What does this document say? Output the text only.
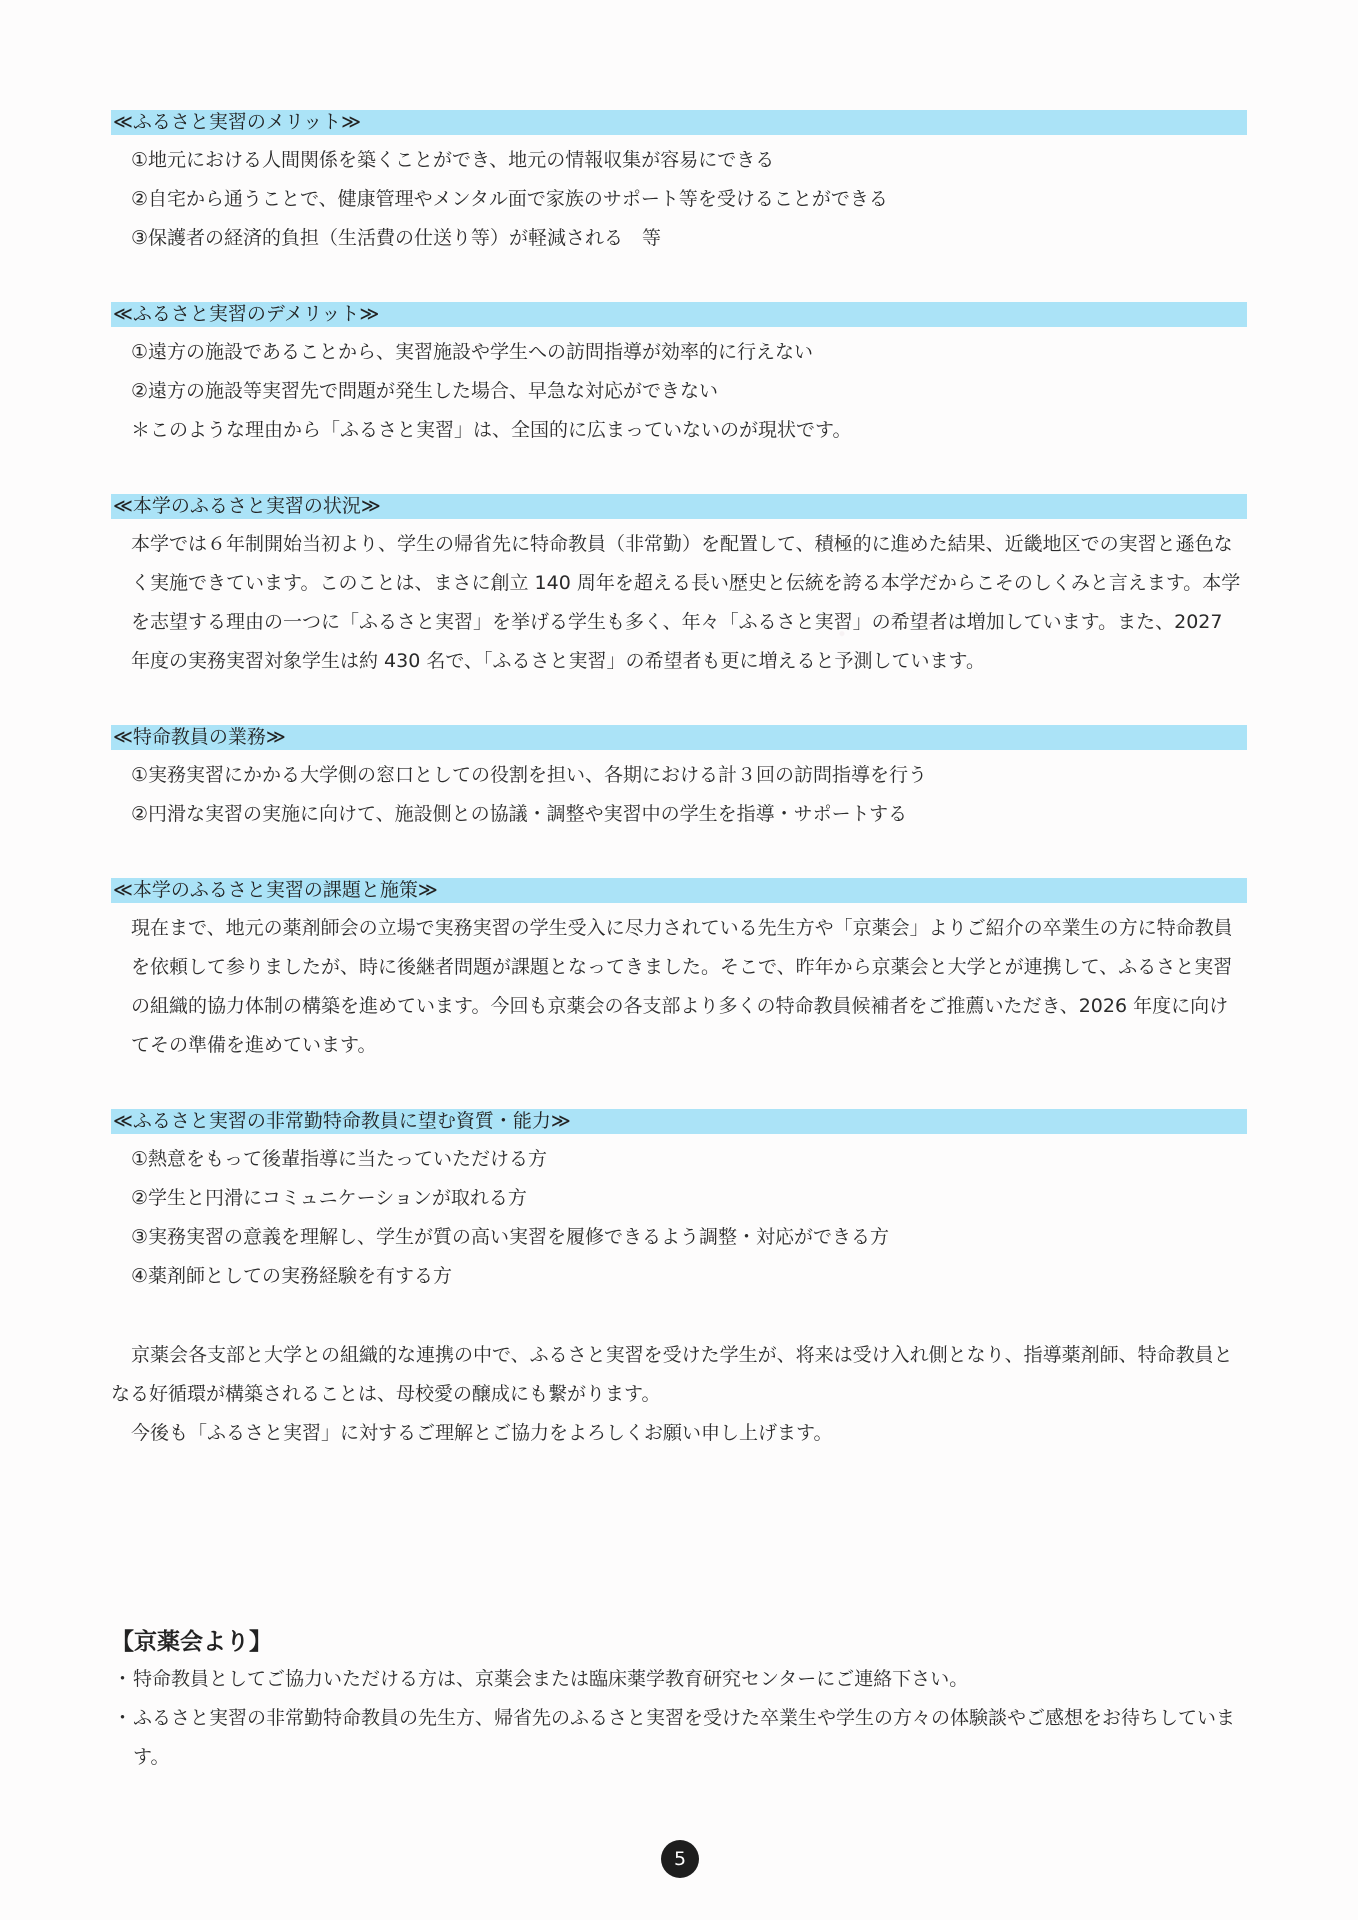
≪ふるさと実習のメリット≫
①地元における人間関係を築くことができ、地元の情報収集が容易にできる
②自宅から通うことで、健康管理やメンタル面で家族のサポート等を受けることができる
③保護者の経済的負担（生活費の仕送り等）が軽減される　等
≪ふるさと実習のデメリット≫
①遠方の施設であることから、実習施設や学生への訪問指導が効率的に行えない
②遠方の施設等実習先で問題が発生した場合、早急な対応ができない
＊このような理由から「ふるさと実習」は、全国的に広まっていないのが現状です。
≪本学のふるさと実習の状況≫
本学では６年制開始当初より、学生の帰省先に特命教員（非常勤）を配置して、積極的に進めた結果、近畿地区での実習と遜色なく実施できています。このことは、まさに創立 140 周年を超える長い歴史と伝統を誇る本学だからこそのしくみと言えます。本学を志望する理由の一つに「ふるさと実習」を挙げる学生も多く、年々「ふるさと実習」の希望者は増加しています。また、2027 年度の実務実習対象学生は約 430 名で、「ふるさと実習」の希望者も更に増えると予測しています。
≪特命教員の業務≫
①実務実習にかかる大学側の窓口としての役割を担い、各期における計３回の訪問指導を行う
②円滑な実習の実施に向けて、施設側との協議・調整や実習中の学生を指導・サポートする
≪本学のふるさと実習の課題と施策≫
現在まで、地元の薬剤師会の立場で実務実習の学生受入に尽力されている先生方や「京薬会」よりご紹介の卒業生の方に特命教員を依頼して参りましたが、時に後継者問題が課題となってきました。そこで、昨年から京薬会と大学とが連携して、ふるさと実習の組織的協力体制の構築を進めています。今回も京薬会の各支部より多くの特命教員候補者をご推薦いただき、2026 年度に向けてその準備を進めています。
≪ふるさと実習の非常勤特命教員に望む資質・能力≫
①熱意をもって後輩指導に当たっていただける方
②学生と円滑にコミュニケーションが取れる方
③実務実習の意義を理解し、学生が質の高い実習を履修できるよう調整・対応ができる方
④薬剤師としての実務経験を有する方

京薬会各支部と大学との組織的な連携の中で、ふるさと実習を受けた学生が、将来は受け入れ側となり、指導薬剤師、特命教員となる好循環が構築されることは、母校愛の醸成にも繋がります。

今後も「ふるさと実習」に対するご理解とご協力をよろしくお願い申し上げます。

【京薬会より】
・ 特命教員としてご協力いただける方は、京薬会または臨床薬学教育研究センターにご連絡下さい。
・ ふるさと実習の非常勤特命教員の先生方、帰省先のふるさと実習を受けた卒業生や学生の方々の体験談やご感想をお待ちしています。
5
